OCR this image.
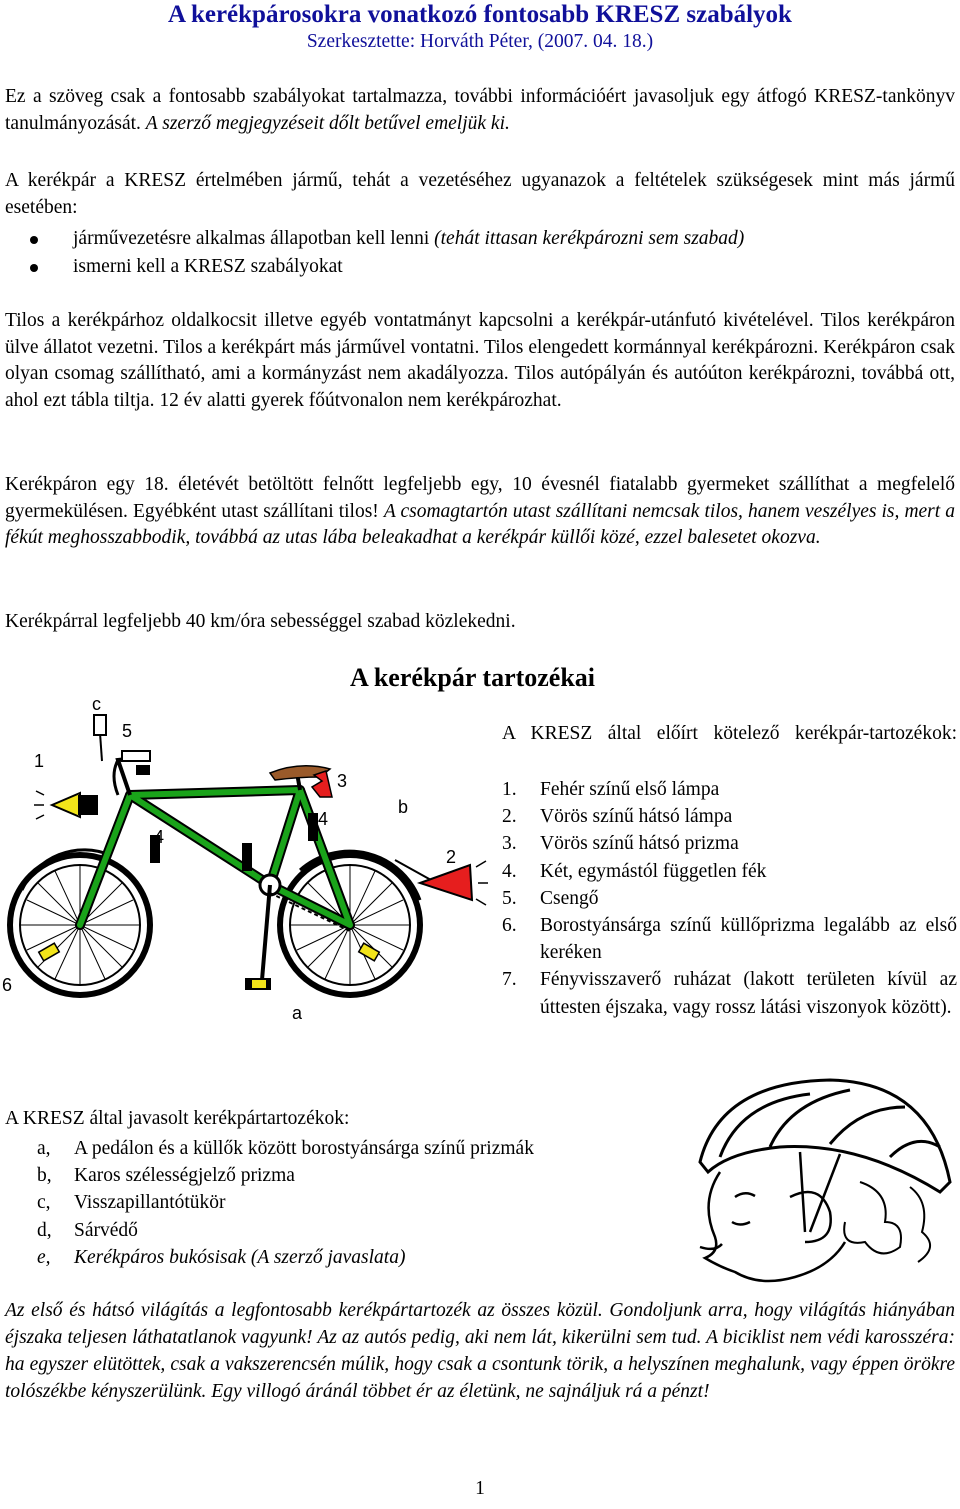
A kerékpárosokra vonatkozó fontosabb KRESZ szabályok
Szerkesztette: Horváth Péter, (2007. 04. 18.)

Ez a szöveg csak a fontosabb szabályokat tartalmazza, további információért javasoljuk egy átfogó KRESZ-tankönyv tanulmányozását. A szerző megjegyzéseit dőlt betűvel emeljük ki.

A kerékpár a KRESZ értelmében jármű, tehát a vezetéséhez ugyanazok a feltételek szükségesek mint más jármű esetében:

járművezetésre alkalmas állapotban kell lenni (tehát ittasan kerékpározni sem szabad)
ismerni kell a KRESZ szabályokat

Tilos a kerékpárhoz oldalkocsit illetve egyéb vontatmányt kapcsolni a kerékpár-utánfutó kivételével. Tilos kerékpáron ülve állatot vezetni. Tilos a kerékpárt más járművel vontatni. Tilos elengedett kormánnyal kerékpározni. Kerékpáron csak olyan csomag szállítható, ami a kormányzást nem akadályozza. Tilos autópályán és autóúton kerékpározni, továbbá ott, ahol ezt tábla tiltja. 12 év alatti gyerek főútvonalon nem kerékpározhat.

Kerékpáron egy 18. életévét betöltött felnőtt legfeljebb egy, 10 évesnél fiatalabb gyermeket szállíthat a megfelelő gyermekülésen. Egyébként utast szállítani tilos! A csomagtartón utast szállítani nemcsak tilos, hanem veszélyes is, mert a fékút meghosszabbodik, továbbá az utas lába beleakadhat a kerékpár küllői közé, ezzel balesetet okozva.

Kerékpárral legfeljebb 40 km/óra sebességgel szabad közlekedni.

A kerékpár tartozékai
c
5
1
3
b
4
4
2
6
a
A KRESZ által előírt kötelező kerékpár-tartozékok:
1.	Fehér színű első lámpa
2.	Vörös színű hátsó lámpa
3.	Vörös színű hátsó prizma
4.	Két, egymástól független fék
5.	Csengő
6.	Borostyánsárga színű küllőprizma legalább az első keréken
7.	Fényvisszaverő ruházat (lakott területen kívül az úttesten éjszaka, vagy rossz látási viszonyok között).
A KRESZ által javasolt kerékpártartozékok:
a,	A pedálon és a küllők között borostyánsárga színű prizmák
b,	Karos szélességjelző prizma
c,	Visszapillantótükör
d,	Sárvédő
e,	Kerékpáros bukósisak (A szerző javaslata)

Az első és hátsó világítás a legfontosabb kerékpártartozék az összes közül. Gondoljunk arra, hogy világítás hiányában éjszaka teljesen láthatatlanok vagyunk! Az az autós pedig, aki nem lát, kikerülni sem tud. A biciklist nem védi karosszéra: ha egyszer elütöttek, csak a vakszerencsén múlik, hogy csak a csontunk törik, a helyszínen meghalunk, vagy éppen örökre tolószékbe kényszerülünk. Egy villogó áránál többet ér az életünk, ne sajnáljuk rá a pénzt!

1
